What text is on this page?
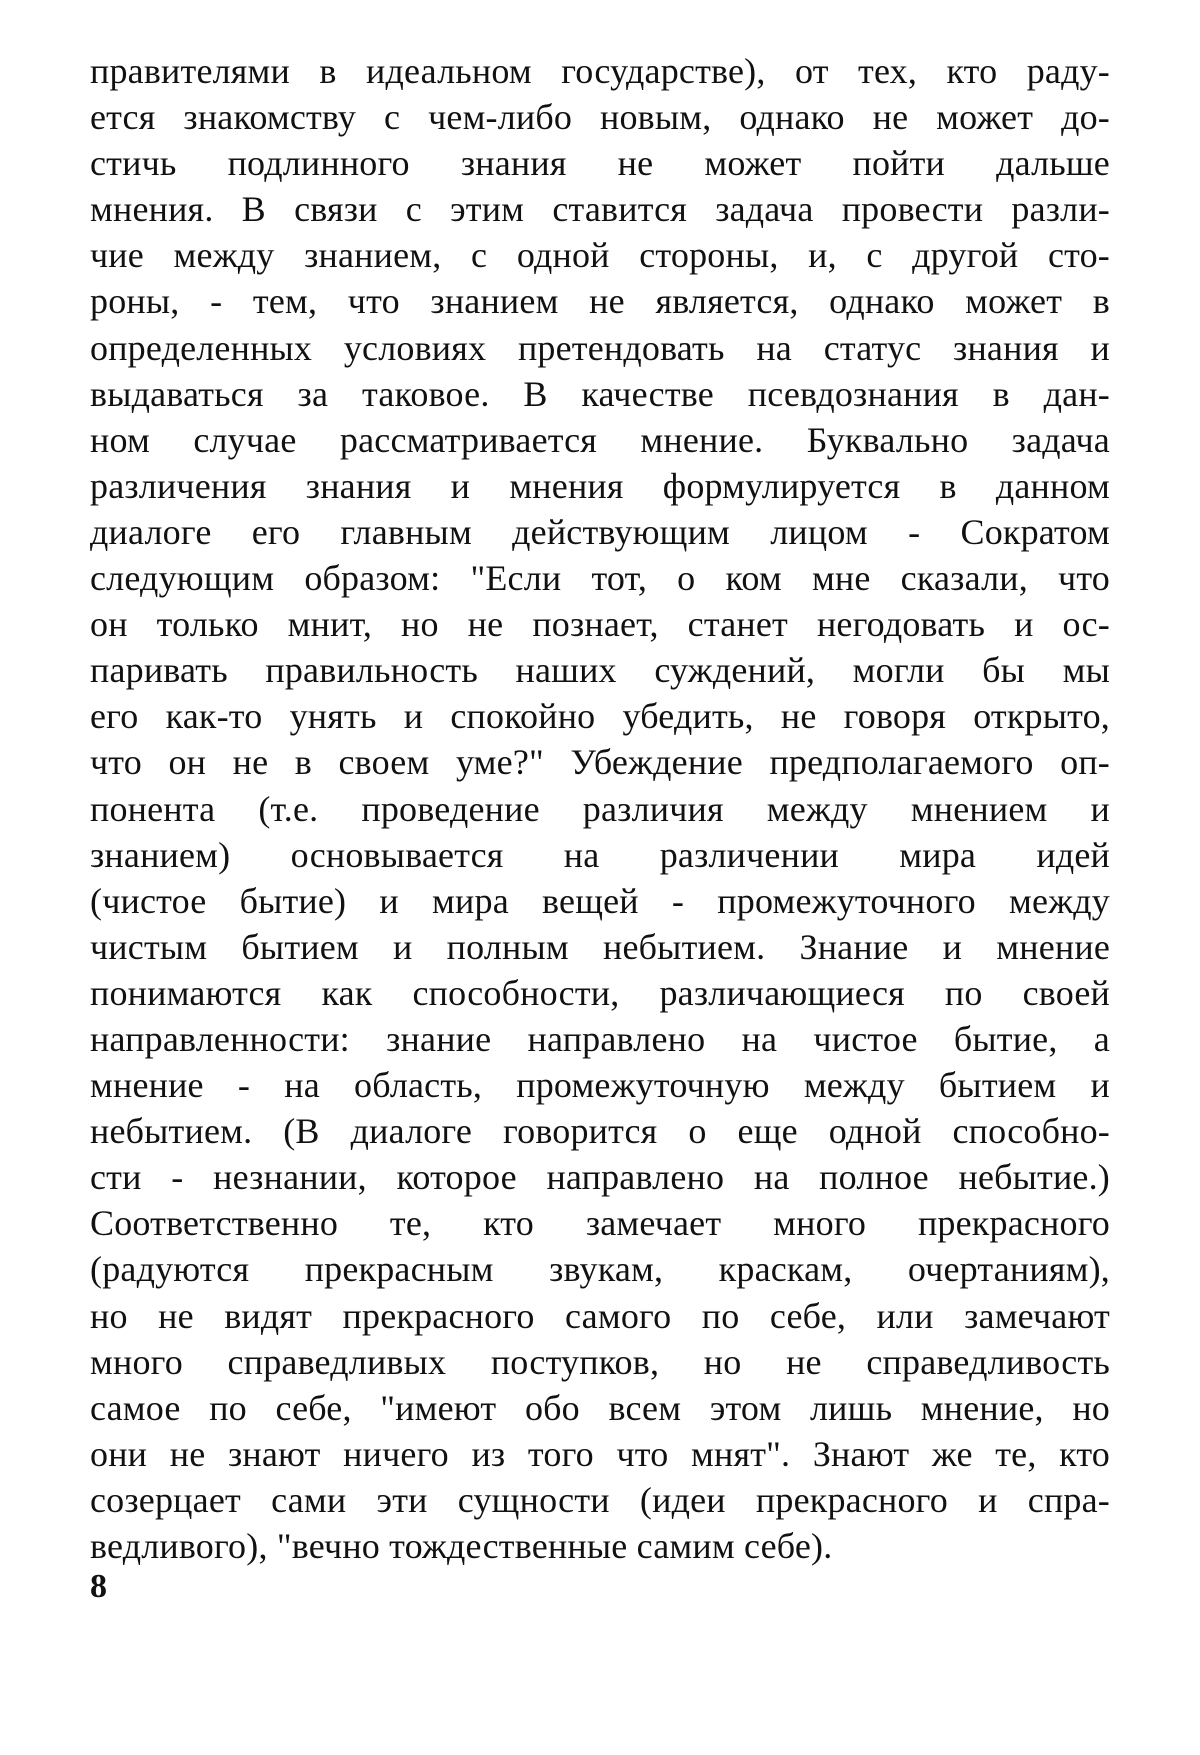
правителями в идеальном государстве), от тех, кто раду-
ется знакомству с чем-либо новым, однако не может до-
стичь подлинного знания не может пойти дальше
мнения. В связи с этим ставится задача провести разли-
чие между знанием, с одной стороны, и, с другой сто-
роны, - тем, что знанием не является, однако может в
определенных условиях претендовать на статус знания и
выдаваться за таковое. В качестве псевдознания в дан-
ном случае рассматривается мнение. Буквально задача
различения знания и мнения формулируется в данном
диалоге его главным действующим лицом - Сократом
следующим образом: "Если тот, о ком мне сказали, что
он только мнит, но не познает, станет негодовать и ос-
паривать правильность наших суждений, могли бы мы
его как-то унять и спокойно убедить, не говоря открыто,
что он не в своем уме?" Убеждение предполагаемого оп-
понента (т.е. проведение различия между мнением и
знанием) основывается на различении мира идей
(чистое бытие) и мира вещей - промежуточного между
чистым бытием и полным небытием. Знание и мнение
понимаются как способности, различающиеся по своей
направленности: знание направлено на чистое бытие, а
мнение - на область, промежуточную между бытием и
небытием. (В диалоге говорится о еще одной способно-
сти - незнании, которое направлено на полное небытие.)
Соответственно те, кто замечает много прекрасного
(радуются прекрасным звукам, краскам, очертаниям),
но не видят прекрасного самого по себе, или замечают
много справедливых поступков, но не справедливость
самое по себе, "имеют обо всем этом лишь мнение, но
они не знают ничего из того что мнят". Знают же те, кто
созерцает сами эти сущности (идеи прекрасного и спра-
ведливого), "вечно тождественные самим себе).
8
